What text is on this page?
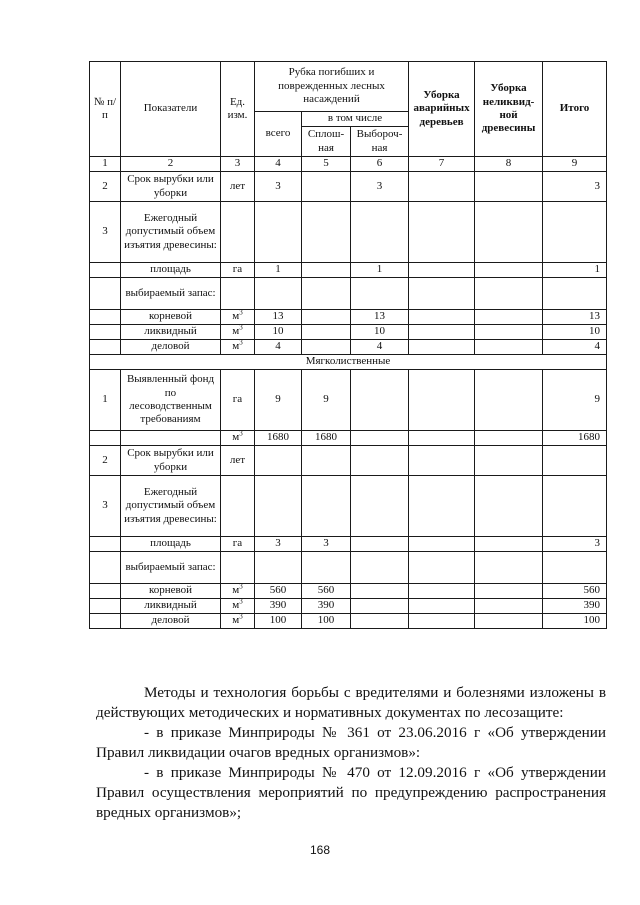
№ п/п	Показатели	Ед. изм.	Рубка погибших и поврежденных лесных насаждений			Уборка аварийных деревьев	Уборка неликвид-ной древесины	Итого
			всего	в том числе				
				Сплош-ная	Выбороч-ная			
1	2	3	4	5	6	7	8	9
2	Срок вырубки или уборки	лет	3		3			3
3	Ежегодный допустимый объем изъятия древесины:							
	площадь	га	1		1			1
	выбираемый запас:							
	корневой	$м^3$	13		13			13
	ликвидный	$м^3$	10		10			10
	деловой	$м^3$	4		4			4
Мягколиственные								
1	Выявленный фонд по лесоводственным требованиям	га	9	9				9
		$м^3$	1680	1680				1680
2	Срок вырубки или уборки	лет						
3	Ежегодный допустимый объем изъятия древесины:							
	площадь	га	3	3				3
	выбираемый запас:							
	корневой	$м^3$	560	560				560
	ликвидный	$м^3$	390	390				390
	деловой	$м^3$	100	100				100

Методы и технология борьбы с вредителями и болезнями изложены в действующих методических и нормативных документах по лесозащите:

- в приказе Минприроды № 361 от 23.06.2016 г «Об утверждении Правил ликвидации очагов вредных организмов»:

- в приказе Минприроды № 470 от 12.09.2016 г «Об утверждении Правил осуществления мероприятий по предупреждению распространения вредных организмов»;

168
